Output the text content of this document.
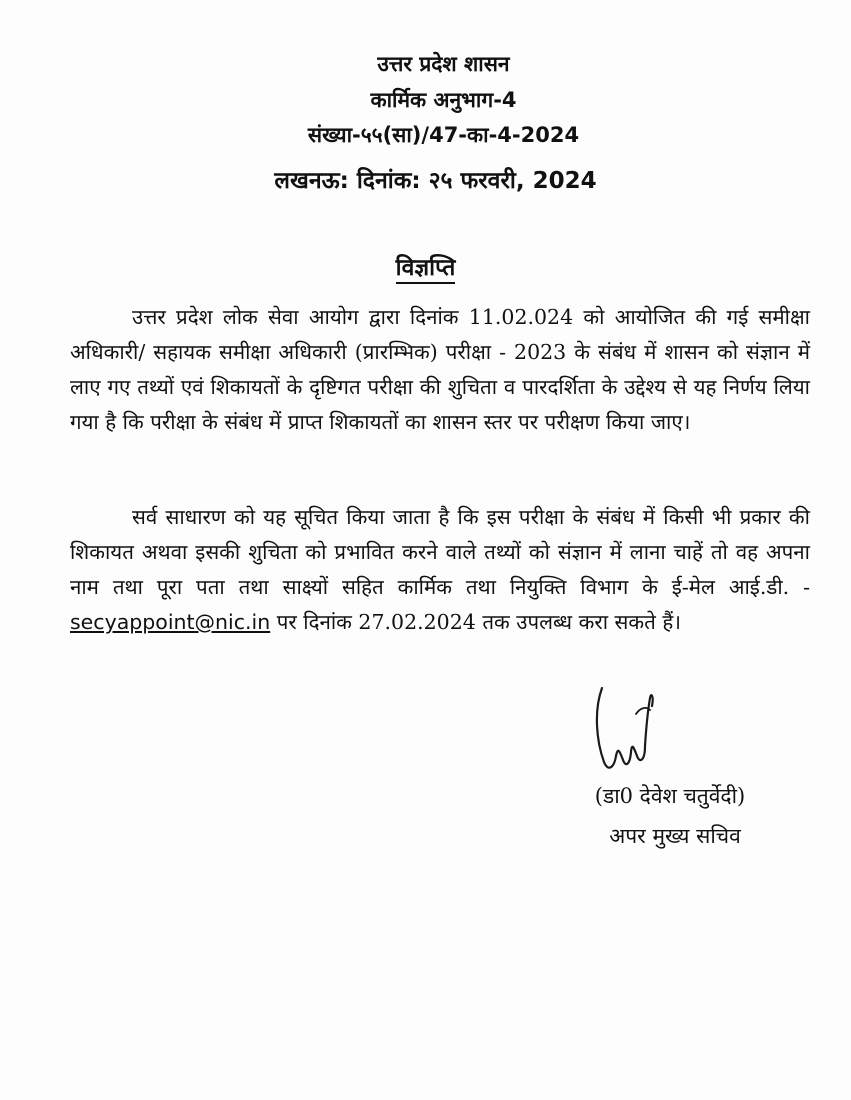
उत्तर प्रदेश शासन
कार्मिक अनुभाग-4
संख्या-५५(सा)/47-का-4-2024
लखनऊ: दिनांक: २५ फरवरी, 2024
विज्ञप्ति
उत्तर प्रदेश लोक सेवा आयोग द्वारा दिनांक 11.02.024 को आयोजित की गई समीक्षा अधिकारी/ सहायक समीक्षा अधिकारी (प्रारम्भिक) परीक्षा - 2023 के संबंध में शासन को संज्ञान में लाए गए तथ्यों एवं शिकायतों के दृष्टिगत परीक्षा की शुचिता व पारदर्शिता के उद्देश्य से यह निर्णय लिया गया है कि परीक्षा के संबंध में प्राप्त शिकायतों का शासन स्तर पर परीक्षण किया जाए।
सर्व साधारण को यह सूचित किया जाता है कि इस परीक्षा के संबंध में किसी भी प्रकार की शिकायत अथवा इसकी शुचिता को प्रभावित करने वाले तथ्यों को संज्ञान में लाना चाहें तो वह अपना नाम तथा पूरा पता तथा साक्ष्यों सहित कार्मिक तथा नियुक्ति विभाग के ई-मेल आई.डी. - secyappoint@nic.in पर दिनांक 27.02.2024 तक उपलब्ध करा सकते हैं।
(डा0 देवेश चतुर्वेदी)
अपर मुख्य सचिव
